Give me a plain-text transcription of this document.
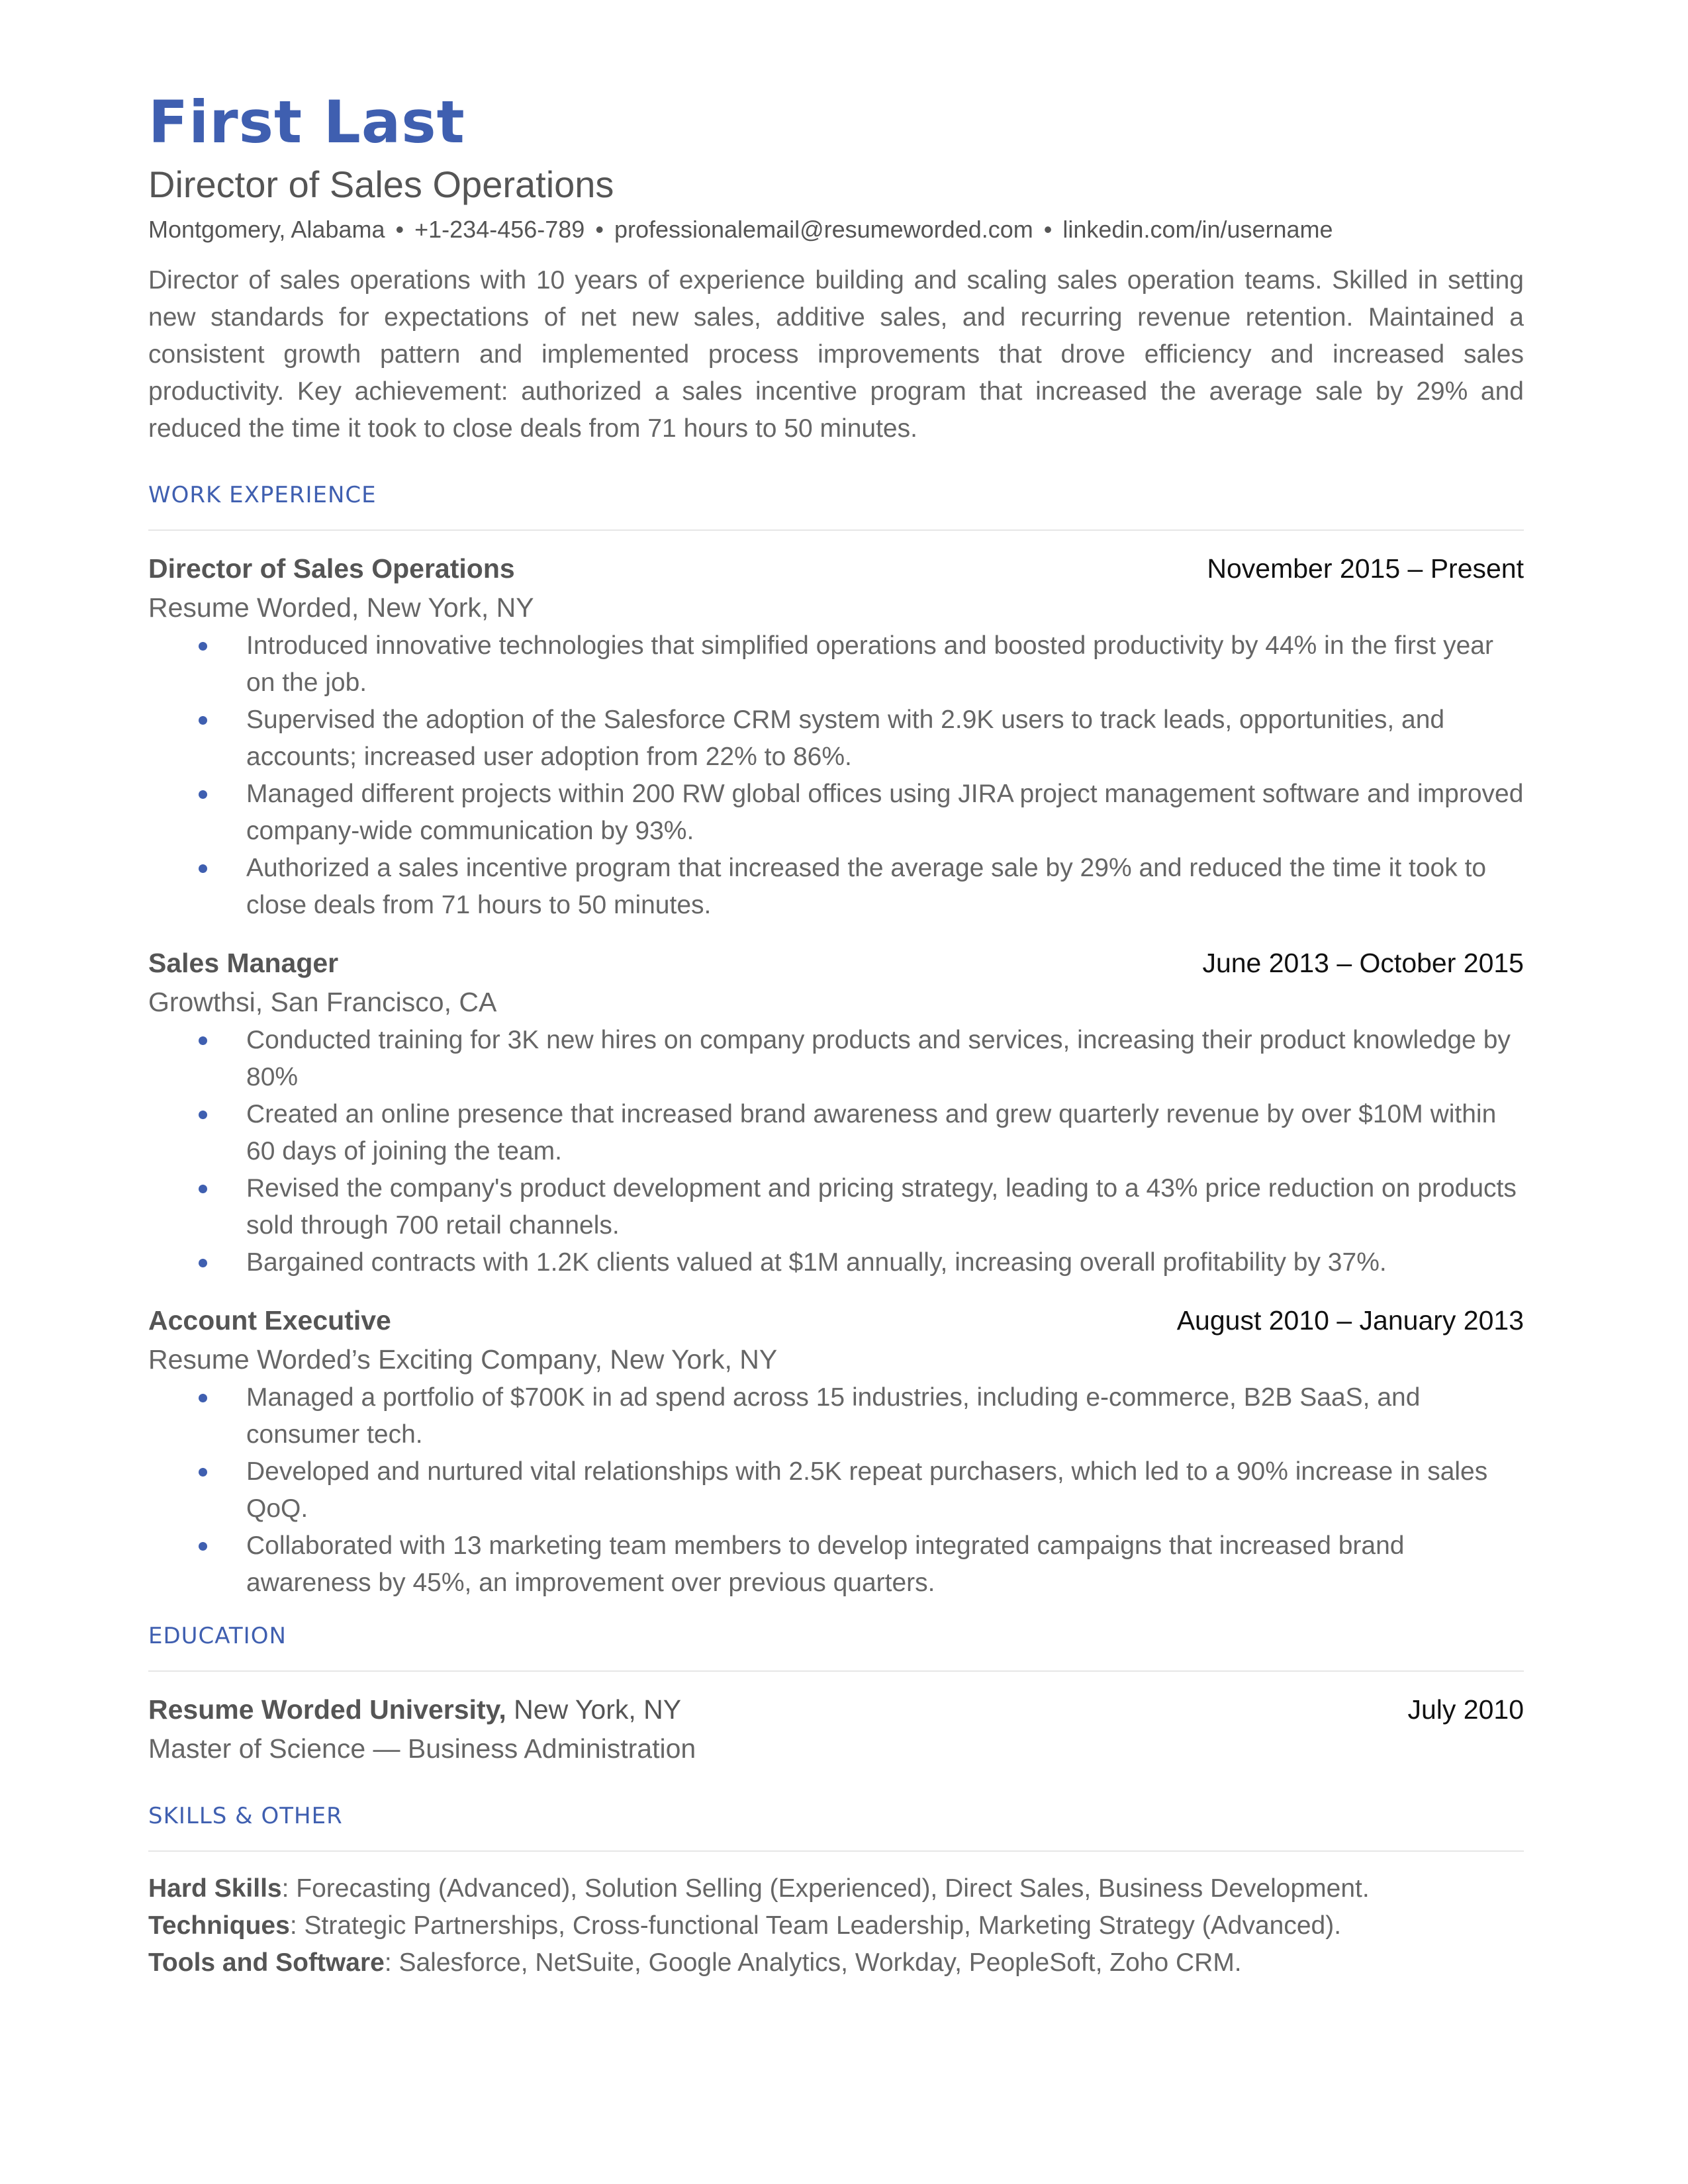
First Last
Director of Sales Operations
Montgomery, Alabama • +1-234-456-789 • professionalemail@resumeworded.com • linkedin.com/in/username

Director of sales operations with 10 years of experience building and scaling sales operation teams. Skilled in setting new standards for expectations of net new sales, additive sales, and recurring revenue retention. Maintained a consistent growth pattern and implemented process improvements that drove efficiency and increased sales productivity. Key achievement: authorized a sales incentive program that increased the average sale by 29% and reduced the time it took to close deals from 71 hours to 50 minutes.

WORK EXPERIENCE
Director of Sales Operations	November 2015 – Present
Resume Worded, New York, NY
Introduced innovative technologies that simplified operations and boosted productivity by 44% in the first year on the job.
Supervised the adoption of the Salesforce CRM system with 2.9K users to track leads, opportunities, and accounts; increased user adoption from 22% to 86%.
Managed different projects within 200 RW global offices using JIRA project management software and improved company-wide communication by 93%.
Authorized a sales incentive program that increased the average sale by 29% and reduced the time it took to close deals from 71 hours to 50 minutes.
Sales Manager	June 2013 – October 2015
Growthsi, San Francisco, CA
Conducted training for 3K new hires on company products and services, increasing their product knowledge by 80%
Created an online presence that increased brand awareness and grew quarterly revenue by over $10M within 60 days of joining the team.
Revised the company's product development and pricing strategy, leading to a 43% price reduction on products sold through 700 retail channels.
Bargained contracts with 1.2K clients valued at $1M annually, increasing overall profitability by 37%.
Account Executive	August 2010 – January 2013
Resume Worded’s Exciting Company, New York, NY
Managed a portfolio of $700K in ad spend across 15 industries, including e-commerce, B2B SaaS, and consumer tech.
Developed and nurtured vital relationships with 2.5K repeat purchasers, which led to a 90% increase in sales QoQ.
Collaborated with 13 marketing team members to develop integrated campaigns that increased brand awareness by 45%, an improvement over previous quarters.
EDUCATION
Resume Worded University, New York, NY	July 2010
Master of Science — Business Administration
SKILLS & OTHER
Hard Skills: Forecasting (Advanced), Solution Selling (Experienced), Direct Sales, Business Development.
Techniques: Strategic Partnerships, Cross-functional Team Leadership, Marketing Strategy (Advanced).
Tools and Software: Salesforce, NetSuite, Google Analytics, Workday, PeopleSoft, Zoho CRM.
